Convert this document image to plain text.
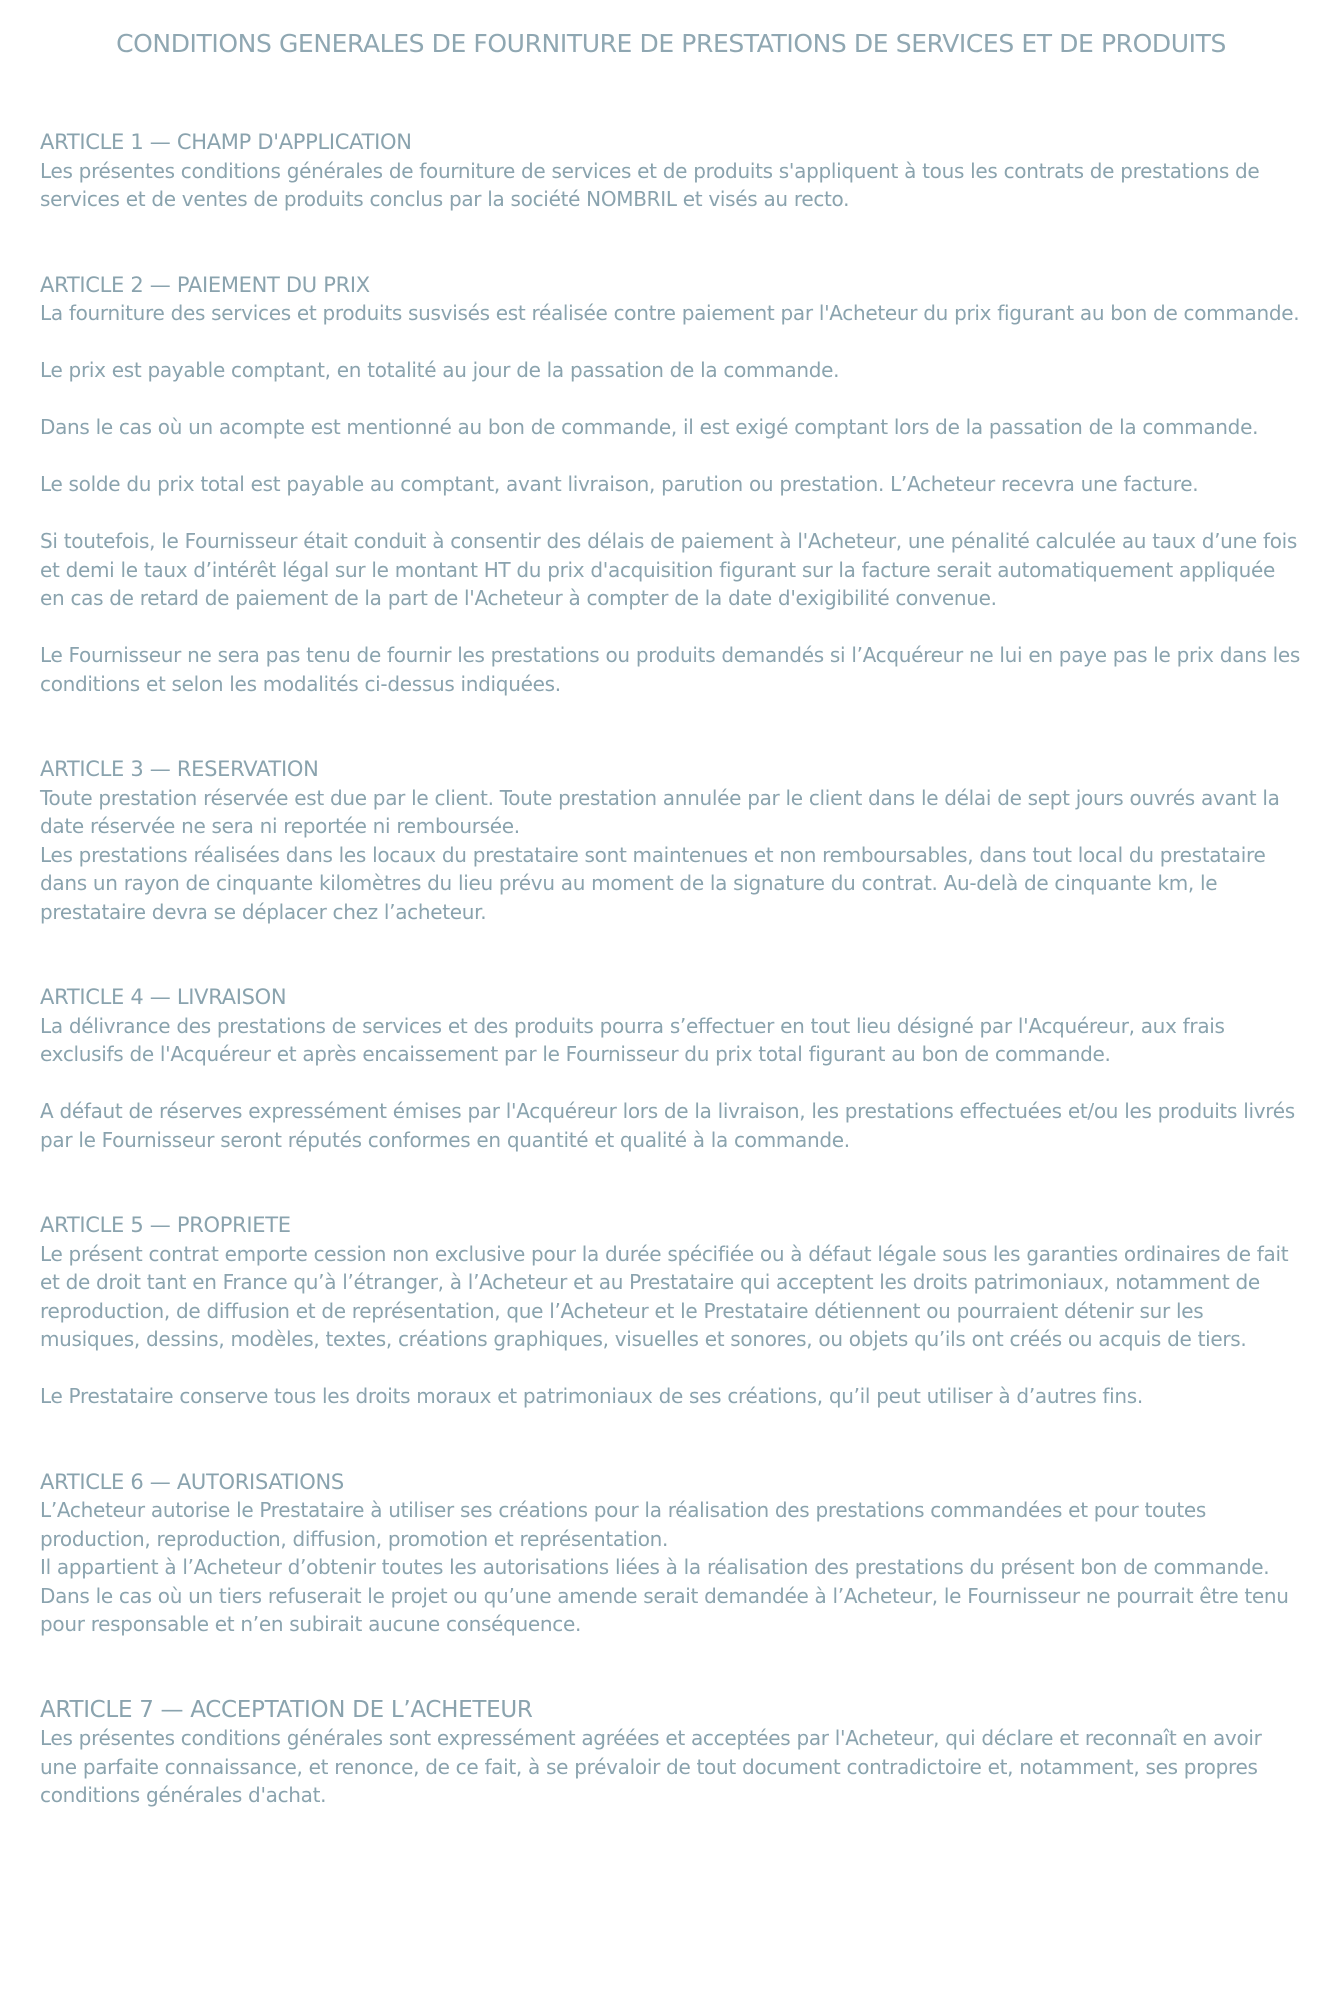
CONDITIONS GENERALES DE FOURNITURE DE PRESTATIONS DE SERVICES ET DE PRODUITS
ARTICLE 1 — CHAMP D'APPLICATION

Les présentes conditions générales de fourniture de services et de produits s'appliquent à tous les contrats de prestations de services et de ventes de produits conclus par la société NOMBRIL et visés au recto.

ARTICLE 2 — PAIEMENT DU PRIX

La fourniture des services et produits susvisés est réalisée contre paiement par l'Acheteur du prix figurant au bon de commande.

Le prix est payable comptant, en totalité au jour de la passation de la commande.

Dans le cas où un acompte est mentionné au bon de commande, il est exigé comptant lors de la passation de la commande.

Le solde du prix total est payable au comptant, avant livraison, parution ou prestation. L’Acheteur recevra une facture.

Si toutefois, le Fournisseur était conduit à consentir des délais de paiement à l'Acheteur, une pénalité calculée au taux d’une fois et demi le taux d’intérêt légal sur le montant HT du prix d'acquisition figurant sur la facture serait automatiquement appliquée en cas de retard de paiement de la part de l'Acheteur à compter de la date d'exigibilité convenue.

Le Fournisseur ne sera pas tenu de fournir les prestations ou produits demandés si l’Acquéreur ne lui en paye pas le prix dans les conditions et selon les modalités ci-dessus indiquées.

ARTICLE 3 — RESERVATION

Toute prestation réservée est due par le client. Toute prestation annulée par le client dans le délai de sept jours ouvrés avant la date réservée ne sera ni reportée ni remboursée.

Les prestations réalisées dans les locaux du prestataire sont maintenues et non remboursables, dans tout local du prestataire dans un rayon de cinquante kilomètres du lieu prévu au moment de la signature du contrat. Au-delà de cinquante km, le prestataire devra se déplacer chez l’acheteur.

ARTICLE 4 — LIVRAISON

La délivrance des prestations de services et des produits pourra s’effectuer en tout lieu désigné par l'Acquéreur, aux frais exclusifs de l'Acquéreur et après encaissement par le Fournisseur du prix total figurant au bon de commande.

A défaut de réserves expressément émises par l'Acquéreur lors de la livraison, les prestations effectuées et/ou les produits livrés par le Fournisseur seront réputés conformes en quantité et qualité à la commande.

ARTICLE 5 — PROPRIETE

Le présent contrat emporte cession non exclusive pour la durée spécifiée ou à défaut légale sous les garanties ordinaires de fait et de droit tant en France qu’à l’étranger, à l’Acheteur et au Prestataire qui acceptent les droits patrimoniaux, notamment de reproduction, de diffusion et de représentation, que l’Acheteur et le Prestataire détiennent ou pourraient détenir sur les musiques, dessins, modèles, textes, créations graphiques, visuelles et sonores, ou objets qu’ils ont créés ou acquis de tiers.

Le Prestataire conserve tous les droits moraux et patrimoniaux de ses créations, qu’il peut utiliser à d’autres fins.

ARTICLE 6 — AUTORISATIONS

L’Acheteur autorise le Prestataire à utiliser ses créations pour la réalisation des prestations commandées et pour toutes production, reproduction, diffusion, promotion et représentation.

Il appartient à l’Acheteur d’obtenir toutes les autorisations liées à la réalisation des prestations du présent bon de commande.

Dans le cas où un tiers refuserait le projet ou qu’une amende serait demandée à l’Acheteur, le Fournisseur ne pourrait être tenu pour responsable et n’en subirait aucune conséquence.

ARTICLE 7 — ACCEPTATION DE L’ACHETEUR

Les présentes conditions générales sont expressément agréées et acceptées par l'Acheteur, qui déclare et reconnaît en avoir une parfaite connaissance, et renonce, de ce fait, à se prévaloir de tout document contradictoire et, notamment, ses propres conditions générales d'achat.
